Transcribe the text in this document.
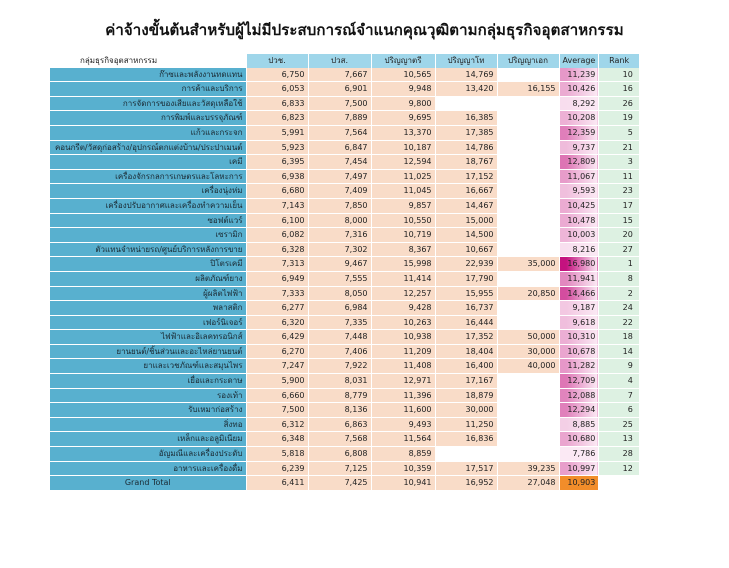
ค่าจ้างขั้นต้นสำหรับผู้ไม่มีประสบการณ์จำแนกคุณวุฒิตามกลุ่มธุรกิจอุตสาหกรรม
กลุ่มธุรกิจอุตสาหกรรม	ปวช.	ปวส.	ปริญญาตรี	ปริญญาโท	ปริญญาเอก	Average	Rank
ก๊าซและพลังงานทดแทน	6,750	7,667	10,565	14,769		11,239	10
การค้าและบริการ	6,053	6,901	9,948	13,420	16,155	10,426	16
การจัดการของเสียและวัสดุเหลือใช้	6,833	7,500	9,800			8,292	26
การพิมพ์และบรรจุภัณฑ์	6,823	7,889	9,695	16,385		10,208	19
แก้วและกระจก	5,991	7,564	13,370	17,385		12,359	5
คอนกรีต/วัสดุก่อสร้าง/อุปกรณ์ตกแต่งบ้าน/ประปาเมนต์	5,923	6,847	10,187	14,786		9,737	21
เคมี	6,395	7,454	12,594	18,767		12,809	3
เครื่องจักรกลการเกษตรและโลหะการ	6,938	7,497	11,025	17,152		11,067	11
เครื่องนุ่งห่ม	6,680	7,409	11,045	16,667		9,593	23
เครื่องปรับอากาศและเครื่องทำความเย็น	7,143	7,850	9,857	14,467		10,425	17
ซอฟต์แวร์	6,100	8,000	10,550	15,000		10,478	15
เซรามิก	6,082	7,316	10,719	14,500		10,003	20
ตัวแทนจำหน่ายรถ/ศูนย์บริการหลังการขาย	6,328	7,302	8,367	10,667		8,216	27
ปิโตรเคมี	7,313	9,467	15,998	22,939	35,000	16,980	1
ผลิตภัณฑ์ยาง	6,949	7,555	11,414	17,790		11,941	8
ผู้ผลิตไฟฟ้า	7,333	8,050	12,257	15,955	20,850	14,466	2
พลาสติก	6,277	6,984	9,428	16,737		9,187	24
เฟอร์นิเจอร์	6,320	7,335	10,263	16,444		9,618	22
ไฟฟ้าและอิเลคทรอนิกส์	6,429	7,448	10,938	17,352	50,000	10,310	18
ยานยนต์/ชิ้นส่วนและอะไหล่ยานยนต์	6,270	7,406	11,209	18,404	30,000	10,678	14
ยาและเวชภัณฑ์และสมุนไพร	7,247	7,922	11,408	16,400	40,000	11,282	9
เยื่อและกระดาษ	5,900	8,031	12,971	17,167		12,709	4
รองเท้า	6,660	8,779	11,396	18,879		12,088	7
รับเหมาก่อสร้าง	7,500	8,136	11,600	30,000		12,294	6
สิ่งทอ	6,312	6,863	9,493	11,250		8,885	25
เหล็กและอลูมิเนียม	6,348	7,568	11,564	16,836		10,680	13
อัญมณีและเครื่องประดับ	5,818	6,808	8,859			7,786	28
อาหารและเครื่องดื่ม	6,239	7,125	10,359	17,517	39,235	10,997	12
Grand Total	6,411	7,425	10,941	16,952	27,048	10,903	
